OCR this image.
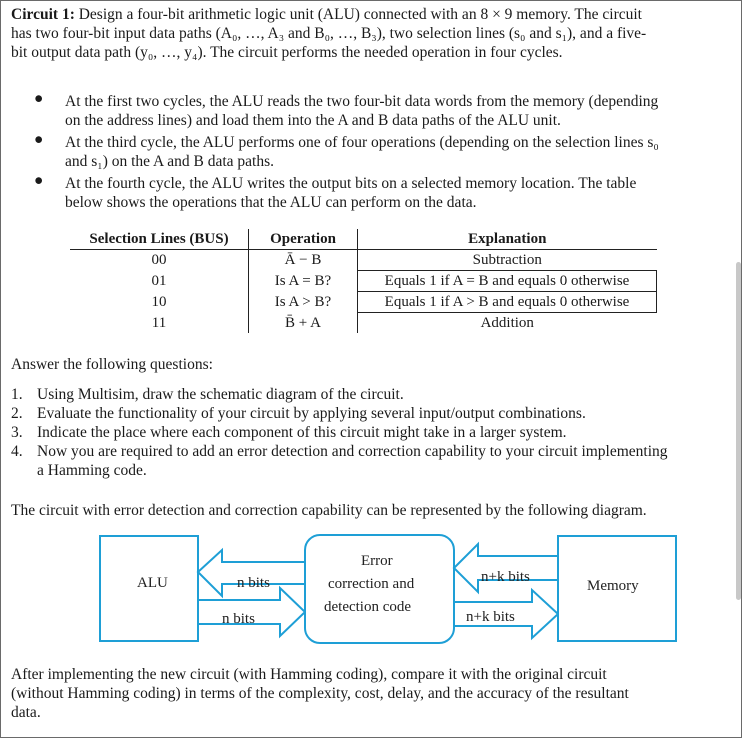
Circuit 1: Design a four-bit arithmetic logic unit (ALU) connected with an 8 × 9 memory. The circuit
has two four-bit input data paths (A₀, …, A₃ and B₀, …, B₃), two selection lines (s₀ and s₁), and a five-
bit output data path (y₀, …, y₄). The circuit performs the needed operation in four cycles.
● At the first two cycles, the ALU reads the two four-bit data words from the memory (depending
on the address lines) and load them into the A and B data paths of the ALU unit.
● At the third cycle, the ALU performs one of four operations (depending on the selection lines s₀
and s₁) on the A and B data paths.
● At the fourth cycle, the ALU writes the output bits on a selected memory location. The table
below shows the operations that the ALU can perform on the data.
Selection Lines (BUS)	Operation	Explanation
00	Ā − B	Subtraction
01	Is A = B?	Equals 1 if A = B and equals 0 otherwise
10	Is A > B?	Equals 1 if A > B and equals 0 otherwise
11	B̄ + A	Addition
Answer the following questions:
1. Using Multisim, draw the schematic diagram of the circuit.
2. Evaluate the functionality of your circuit by applying several input/output combinations.
3. Indicate the place where each component of this circuit might take in a larger system.
4. Now you are required to add an error detection and correction capability to your circuit implementing
a Hamming code.
The circuit with error detection and correction capability can be represented by the following diagram.
ALU	n bits
n bits
Error
correction and
detection code
n+k bits
n+k bits
Memory
After implementing the new circuit (with Hamming coding), compare it with the original circuit
(without Hamming coding) in terms of the complexity, cost, delay, and the accuracy of the resultant
data.
